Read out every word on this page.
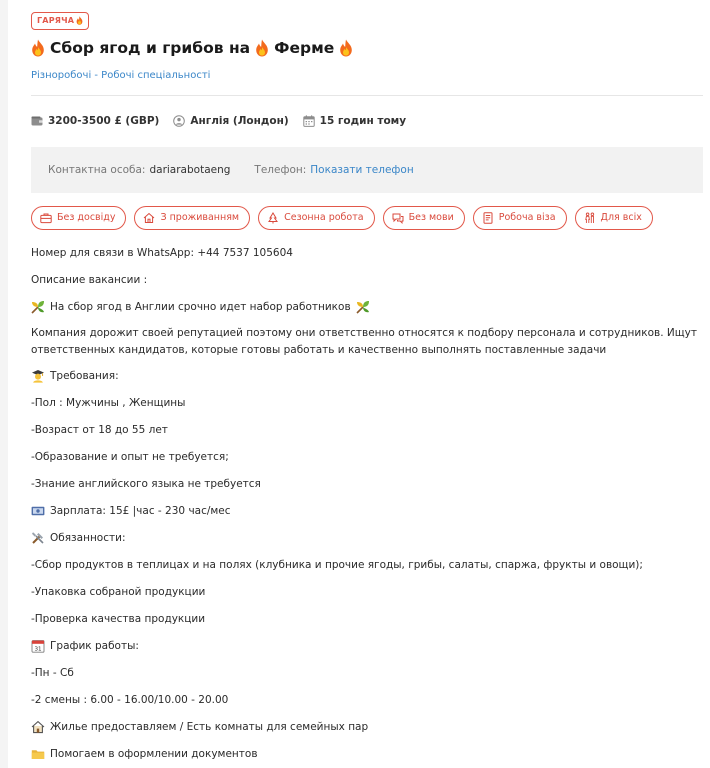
ГАРЯЧА
Сбор ягод и грибов на Ферме
Різноробочі - Робочі спеціальності
3200-3500 £ (GBP)	Англія (Лондон)	15 годин тому
Контактна особа: dariarabotaeng Телефон: Показати телефон
Без досвіду	З проживанням	Сезонна робота	Без мови	Робоча віза	Для всіх
Номер для связи в WhatsApp: +44 7537 105604
Описание вакансии :
На сбор ягод в Англии срочно идет набор работников
Компания дорожит своей репутацией поэтому они ответственно относятся к подбору персонала и сотрудников. Ищут ответственных кандидатов, которые готовы работать и качественно выполнять поставленные задачи
Требования:
-Пол : Мужчины , Женщины
-Возраст от 18 до 55 лет
-Образование и опыт не требуется;
-Знание английского языка не требуется
Зарплата: 15£ |час - 230 час/мес
Обязанности:
-Сбор продуктов в теплицах и на полях (клубника и прочие ягоды, грибы, салаты, спаржа, фрукты и овощи);
-Упаковка собраной продукции
-Проверка качества продукции
31 График работы:
-Пн - Сб
-2 смены : 6.00 - 16.00/10.00 - 20.00
Жилье предоставляем / Есть комнаты для семейных пар
Помогаем в оформлении документов
